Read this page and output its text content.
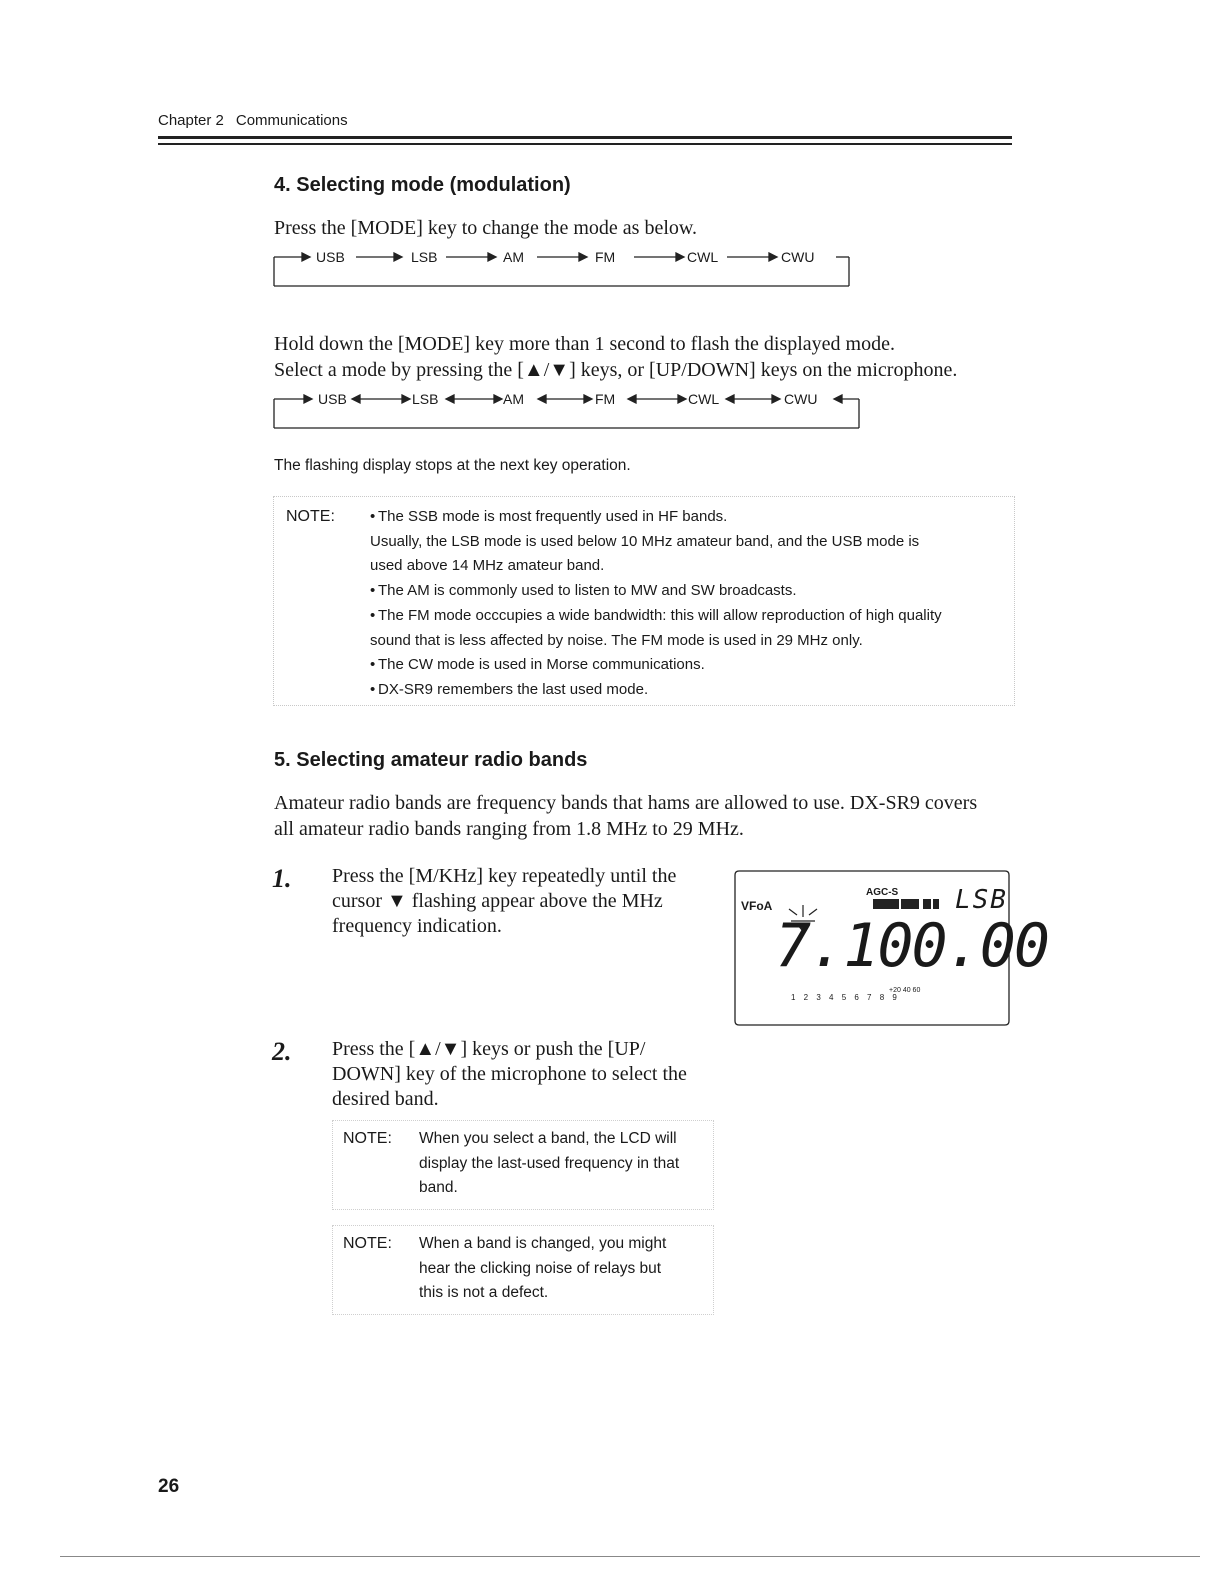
Chapter 2 Communications
4. Selecting mode (modulation)

Press the [MODE] key to change the mode as below.

USB	LSB	AM	FM	CWL	CWU

Hold down the [MODE] key more than 1 second to flash the displayed mode.

Select a mode by pressing the [▲/▼] keys, or [UP/DOWN] keys on the microphone.

USB	LSB	AM	FM	CWL	CWU

The flashing display stops at the next key operation.

NOTE: • The SSB mode is most frequently used in HF bands.
Usually, the LSB mode is used below 10 MHz amateur band, and the USB mode is
used above 14 MHz amateur band.
• The AM is commonly used to listen to MW and SW broadcasts.
• The FM mode occcupies a wide bandwidth: this will allow reproduction of high quality
sound that is less affected by noise. The FM mode is used in 29 MHz only.
• The CW mode is used in Morse communications.
• DX-SR9 remembers the last used mode.
5. Selecting amateur radio bands

Amateur radio bands are frequency bands that hams are allowed to use. DX-SR9 covers

all amateur radio bands ranging from 1.8 MHz to 29 MHz.

1. Press the [M/KHz] key repeatedly until the
cursor ▼ flashing appear above the MHz
frequency indication.
VFoA
AGC-S LSB
7.100.00
1 2 3 4 5 6 7 8 9
+20 40 60
2. Press the [▲/▼] keys or push the [UP/
DOWN] key of the microphone to select the
desired band.
NOTE: When you select a band, the LCD will
display the last-used frequency in that
band.
NOTE: When a band is changed, you might
hear the clicking noise of relays but
this is not a defect.
26
